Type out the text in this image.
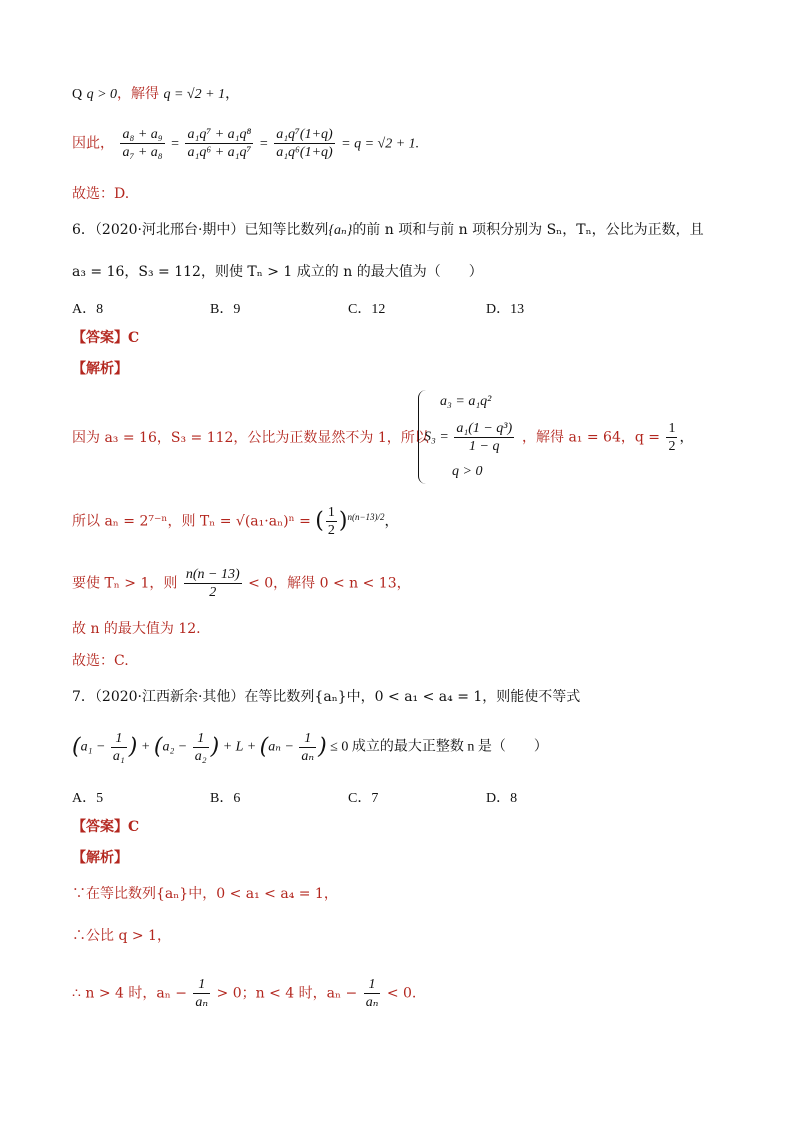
Q q > 0，解得 q = √2 + 1，
因此， $\frac{\text{a₈ + a₉}}{\text{a₇ + a₈}} = \frac{\text{a₁q⁷ + a₁q⁸}}{\text{a₁q⁶ + a₁q⁷}} = \frac{\text{a₁q⁷(1+q)}}{\text{a₁q⁶(1+q)}} = q = √2 + 1$.
故选：D.
6．（2020·河北邢台·期中）已知等比数列{aₙ}的前 n 项和与前 n 项积分别为 Sₙ，Tₙ，公比为正数，且
a₃ = 16，S₃ = 112，则使 Tₙ > 1 成立的 n 的最大值为（　　）
A．8	B．9	C．12	D．13
【答案】C
【解析】
因为 a₃ = 16，S₃ = 112，公比为正数显然不为 1，所以
a₃ = a₁q²
$S_3 = \frac{\text{a₁(1 − q³)}}{1 - q}$
q > 0
，解得 a₁ = 64，$q = \frac{1}{2}$ ，
所以 aₙ = 2⁷⁻ⁿ，则 Tₙ = √(a₁·aₙ)ⁿ = ( $\frac{1}{2} )^{n(n-13)/2}$，
要使 Tₙ > 1，则 $\frac{n(n - 13)}{2} < 0$，解得 0 < n < 13，
故 n 的最大值为 12.
故选：C.
7．（2020·江西新余·其他）在等比数列{aₙ}中，0 < a₁ < a₄ = 1，则能使不等式
($a_1 - \frac{1}{\text{a₁}}$ ) + ($a_2 - \frac{1}{\text{a₂}}$ ) + $L + (a_n - \frac{1}{\text{aₙ}}$ ) ≤ 0 成立的最大正整数 n 是（　　）
A．5	B．6	C．7	D．8
【答案】C
【解析】
∵在等比数列{aₙ}中，0 < a₁ < a₄ = 1，
∴公比 q > 1，
∴ n > 4 时，$a_n - \frac{1}{\text{aₙ}} > 0$；n < 4 时，$a_n - \frac{1}{\text{aₙ}} < 0$.
